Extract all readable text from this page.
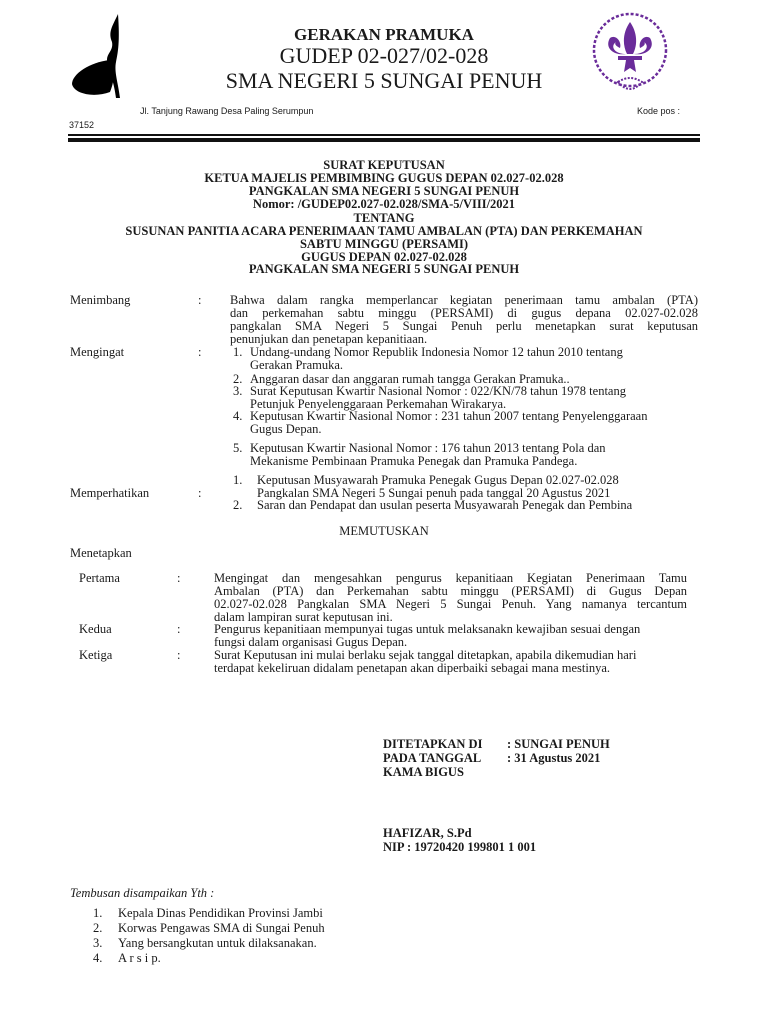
GERAKAN PRAMUKA
GUDEP 02-027/02-028
SMA NEGERI 5 SUNGAI PENUH
Jl. Tanjung Rawang Desa Paling Serumpun	Kode pos :
37152
SURAT KEPUTUSAN
KETUA MAJELIS PEMBIMBING GUGUS DEPAN 02.027-02.028
PANGKALAN SMA NEGERI 5 SUNGAI PENUH
Nomor: /GUDEP02.027-02.028/SMA-5/VIII/2021
TENTANG
SUSUNAN PANITIA ACARA PENERIMAAN TAMU AMBALAN (PTA) DAN PERKEMAHAN
SABTU MINGGU (PERSAMI)
GUGUS DEPAN 02.027-02.028
PANGKALAN SMA NEGERI 5 SUNGAI PENUH
Menimbang	: Bahwa dalam rangka memperlancar kegiatan penerimaan tamu ambalan (PTA)
dan perkemahan sabtu minggu (PERSAMI) di gugus depana 02.027-02.028
pangkalan SMA Negeri 5 Sungai Penuh perlu menetapkan surat keputusan
penunjukan dan penetapan kepanitiaan.
Mengingat	:	1. Undang-undang Nomor Republik Indonesia Nomor 12 tahun 2010 tentang
Gerakan Pramuka.
2. Anggaran dasar dan anggaran rumah tangga Gerakan Pramuka..
3. Surat Keputusan Kwartir Nasional Nomor : 022/KN/78 tahun 1978 tentang
Petunjuk Penyelenggaraan Perkemahan Wirakarya.
4. Keputusan Kwartir Nasional Nomor : 231 tahun 2007 tentang Penyelenggaraan
Gugus Depan.
5. Keputusan Kwartir Nasional Nomor : 176 tahun 2013 tentang Pola dan
Mekanisme Pembinaan Pramuka Penegak dan Pramuka Pandega.
Memperhatikan	:
1. Keputusan Musyawarah Pramuka Penegak Gugus Depan 02.027-02.028
Pangkalan SMA Negeri 5 Sungai penuh pada tanggal 20 Agustus 2021
2. Saran dan Pendapat dan usulan peserta Musyawarah Penegak dan Pembina
MEMUTUSKAN
Menetapkan
Pertama	:	Mengingat dan mengesahkan pengurus kepanitiaan Kegiatan Penerimaan Tamu
Ambalan (PTA) dan Perkemahan sabtu minggu (PERSAMI) di Gugus Depan
02.027-02.028 Pangkalan SMA Negeri 5 Sungai Penuh. Yang namanya tercantum
dalam lampiran surat keputusan ini.
Kedua	:	Pengurus kepanitiaan mempunyai tugas untuk melaksanakn kewajiban sesuai dengan
fungsi dalam organisasi Gugus Depan.
Ketiga	:	Surat Keputusan ini mulai berlaku sejak tanggal ditetapkan, apabila dikemudian hari
terdapat kekeliruan didalam penetapan akan diperbaiki sebagai mana mestinya.
DITETAPKAN DI : SUNGAI PENUH
PADA TANGGAL : 31 Agustus 2021
KAMA BIGUS
HAFIZAR, S.Pd
NIP : 19720420 199801 1 001
Tembusan disampaikan Yth :
1. Kepala Dinas Pendidikan Provinsi Jambi
2. Korwas Pengawas SMA di Sungai Penuh
3. Yang bersangkutan untuk dilaksanakan.
4. A r s i p.
